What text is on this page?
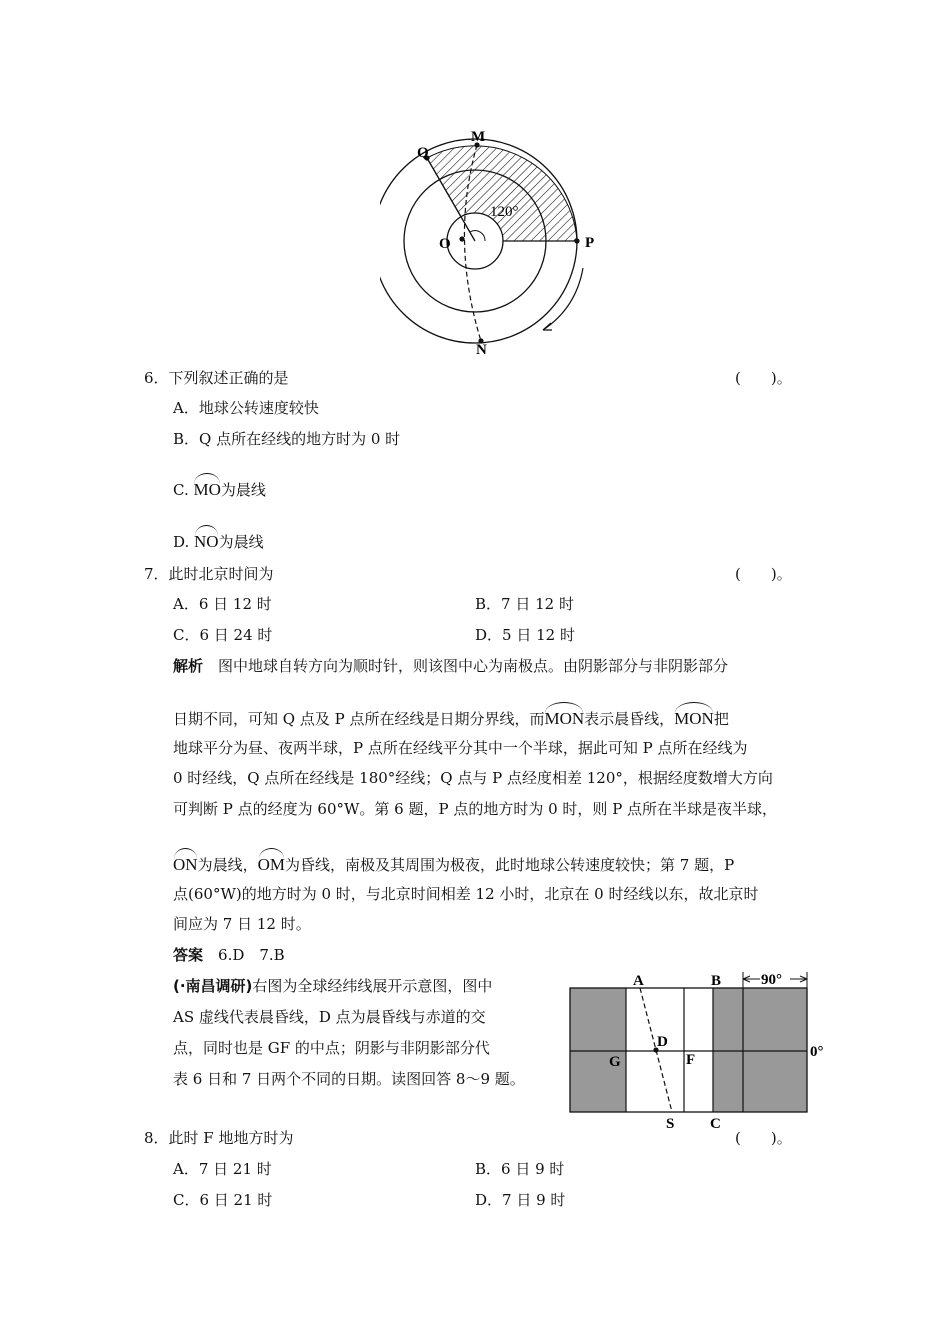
Q
M
O	P
N
120°
6．下列叙述正确的是	(　　)。
A．地球公转速度较快
B．Q 点所在经线的地方时为 0 时
C. MO为晨线
D. NO为晨线
7．此时北京时间为	(　　)。
A．6 日 12 时	B．7 日 12 时
C．6 日 24 时	D．5 日 12 时
解析　 图中地球自转方向为顺时针，则该图中心为南极点。由阴影部分与非阴影部分
日期不同，可知 Q 点及 P 点所在经线是日期分界线，而MON表示晨昏线，MON把
地球平分为昼、夜两半球，P 点所在经线平分其中一个半球，据此可知 P 点所在经线为
0 时经线，Q 点所在经线是 180°经线；Q 点与 P 点经度相差 120°，根据经度数增大方向
可判断 P 点的经度为 60°W。第 6 题，P 点的地方时为 0 时，则 P 点所在半球是夜半球，
ON为晨线，OM为昏线，南极及其周围为极夜，此时地球公转速度较快；第 7 题，P
点(60°W)的地方时为 0 时，与北京时间相差 12 小时，北京在 0 时经线以东，故北京时
间应为 7 日 12 时。
答案　 6.D　7.B
(·南昌调研)右图为全球经纬线展开示意图，图中
AS 虚线代表晨昏线，D 点为晨昏线与赤道的交
点，同时也是 GF 的中点；阴影与非阴影部分代
表 6 日和 7 日两个不同的日期。读图回答 8～9 题。
A	B	90°
D
G	F	0°
S C
8．此时 F 地地方时为	(　　)。
A．7 日 21 时	B．6 日 9 时
C．6 日 21 时	D．7 日 9 时
